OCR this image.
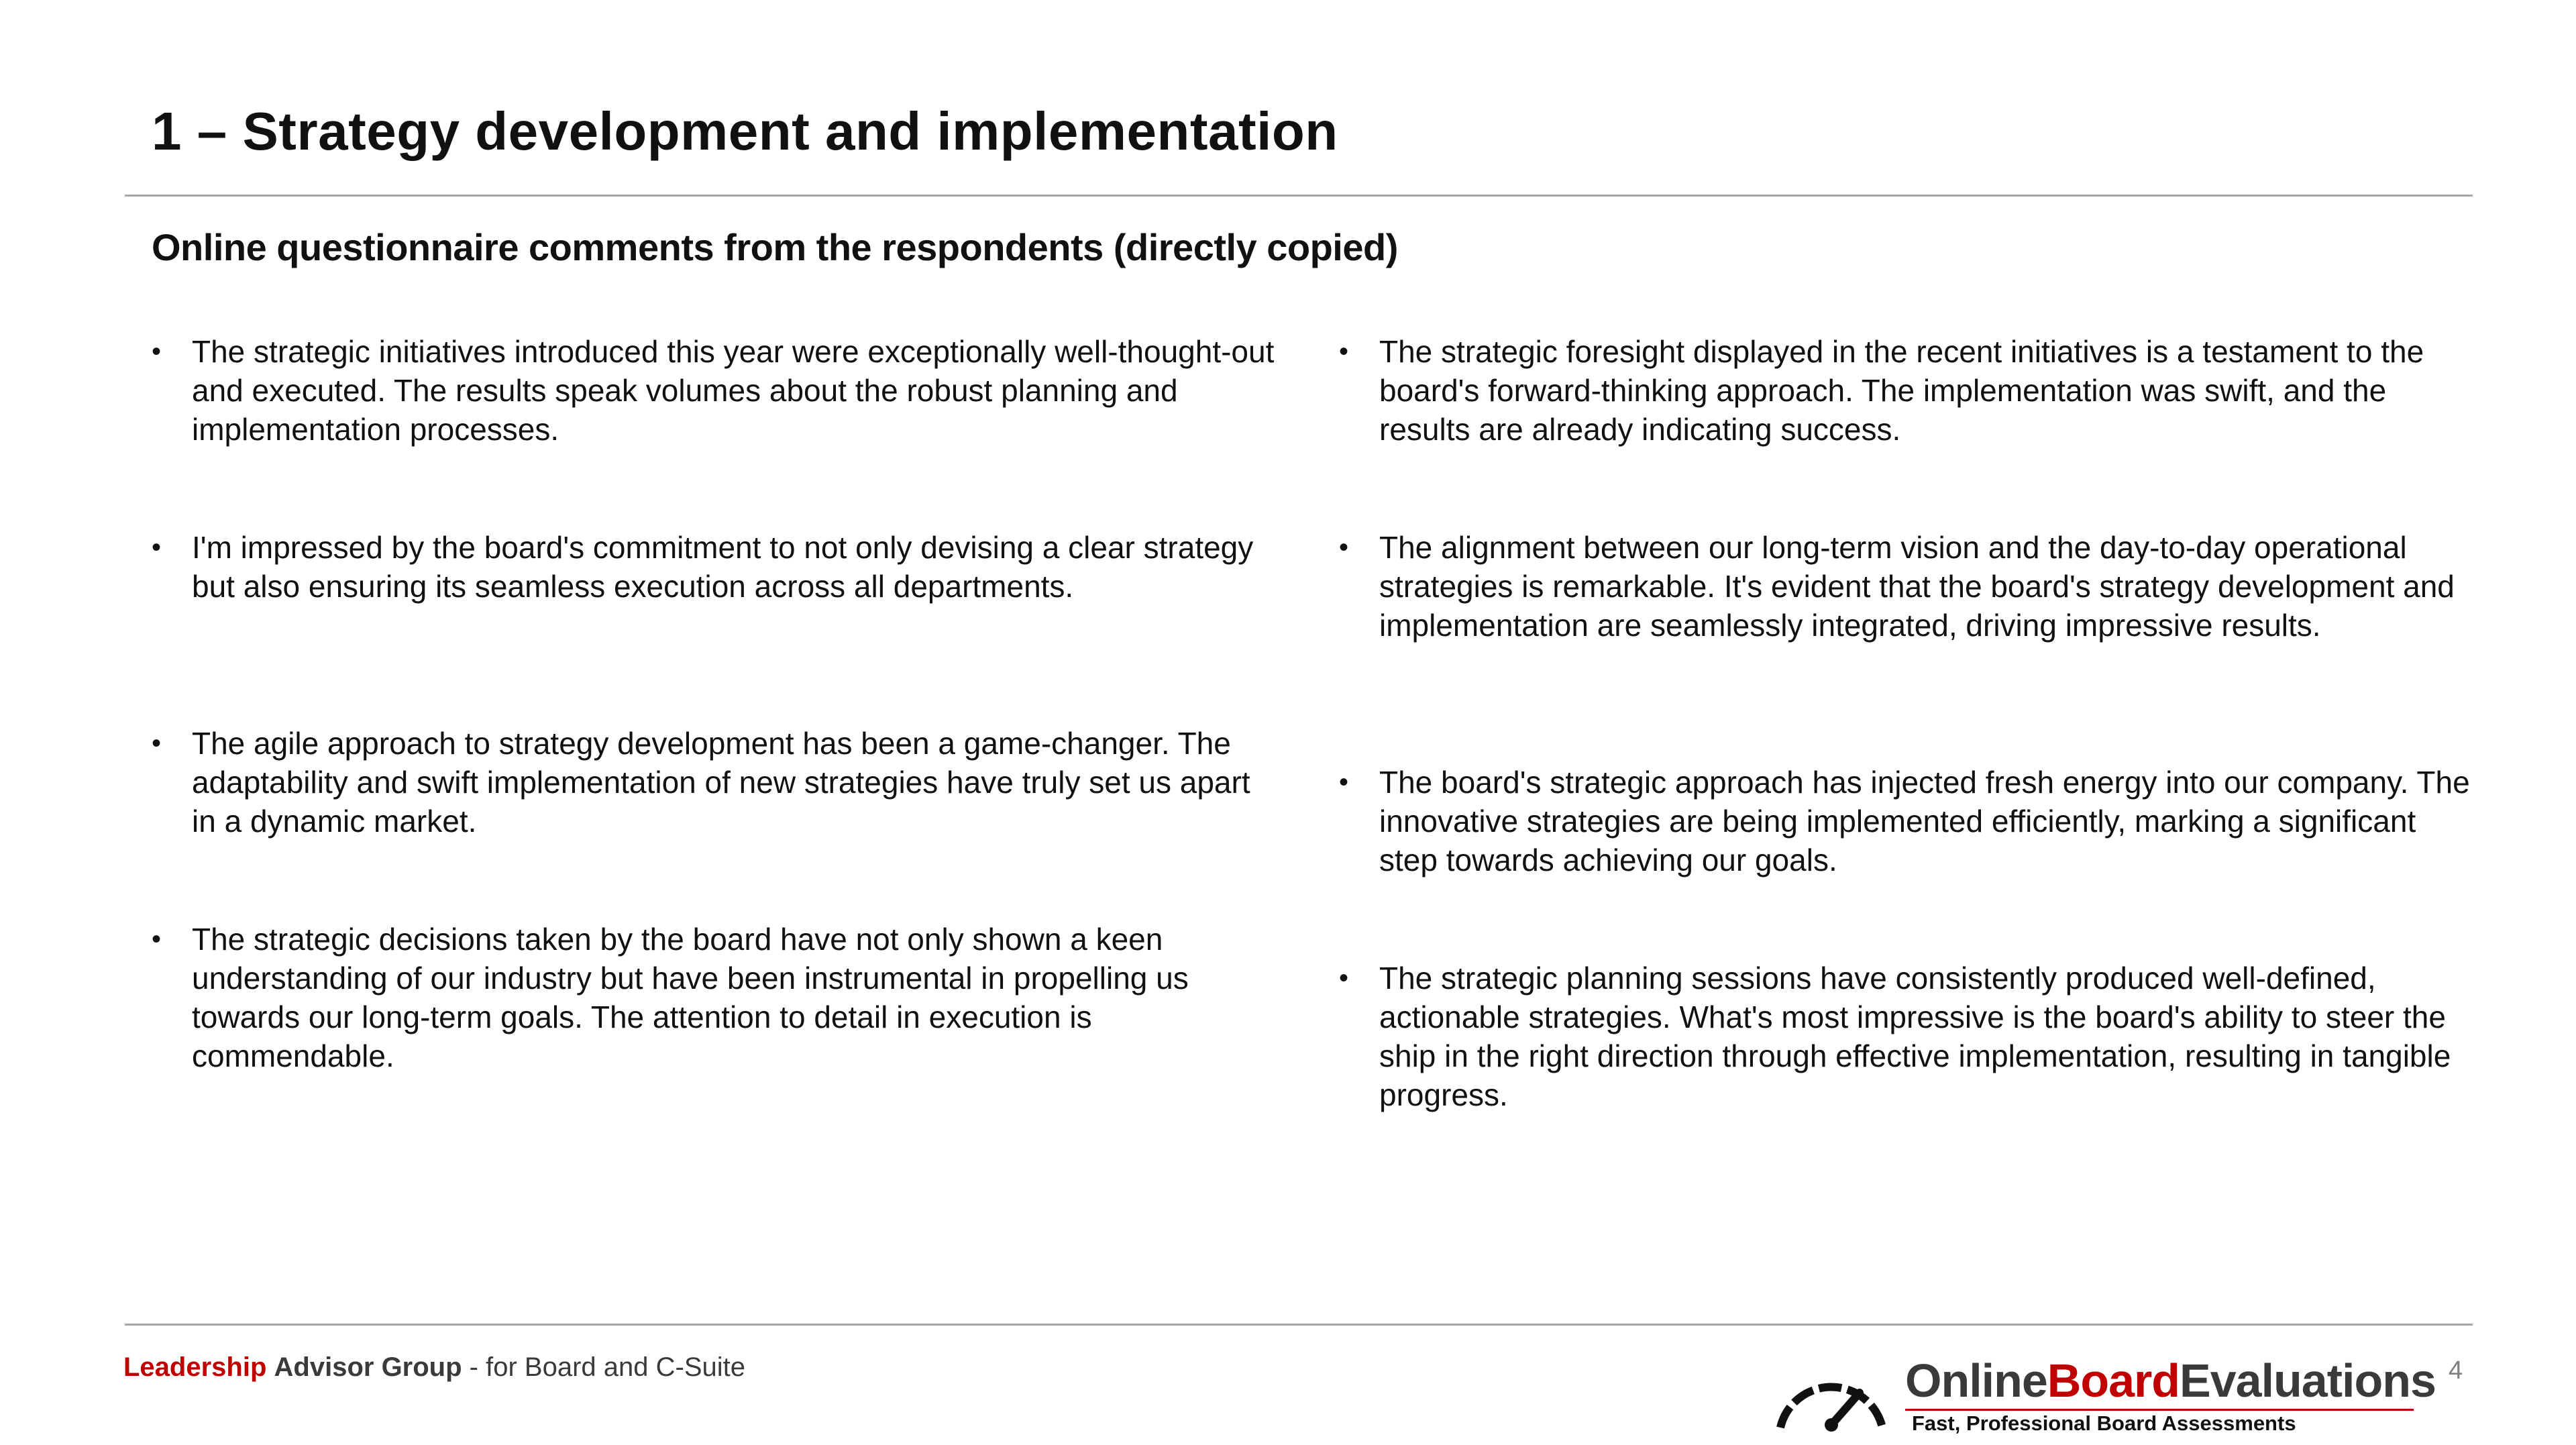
1 – Strategy development and implementation
Online questionnaire comments from the respondents (directly copied)
• The strategic initiatives introduced this year were exceptionally well-thought-out and executed. The results speak volumes about the robust planning and implementation processes.
• I'm impressed by the board's commitment to not only devising a clear strategy but also ensuring its seamless execution across all departments.
• The agile approach to strategy development has been a game-changer. The adaptability and swift implementation of new strategies have truly set us apart in a dynamic market.
• The strategic decisions taken by the board have not only shown a keen understanding of our industry but have been instrumental in propelling us towards our long-term goals. The attention to detail in execution is commendable.
• The strategic foresight displayed in the recent initiatives is a testament to the board's forward-thinking approach. The implementation was swift, and the results are already indicating success.
• The alignment between our long-term vision and the day-to-day operational strategies is remarkable. It's evident that the board's strategy development and implementation are seamlessly integrated, driving impressive results.
• The board's strategic approach has injected fresh energy into our company. The innovative strategies are being implemented efficiently, marking a significant step towards achieving our goals.
• The strategic planning sessions have consistently produced well-defined, actionable strategies. What's most impressive is the board's ability to steer the ship in the right direction through effective implementation, resulting in tangible progress.
Leadership Advisor Group - for Board and C-Suite	OnlineBoardEvaluations
Fast, Professional Board Assessments
4
